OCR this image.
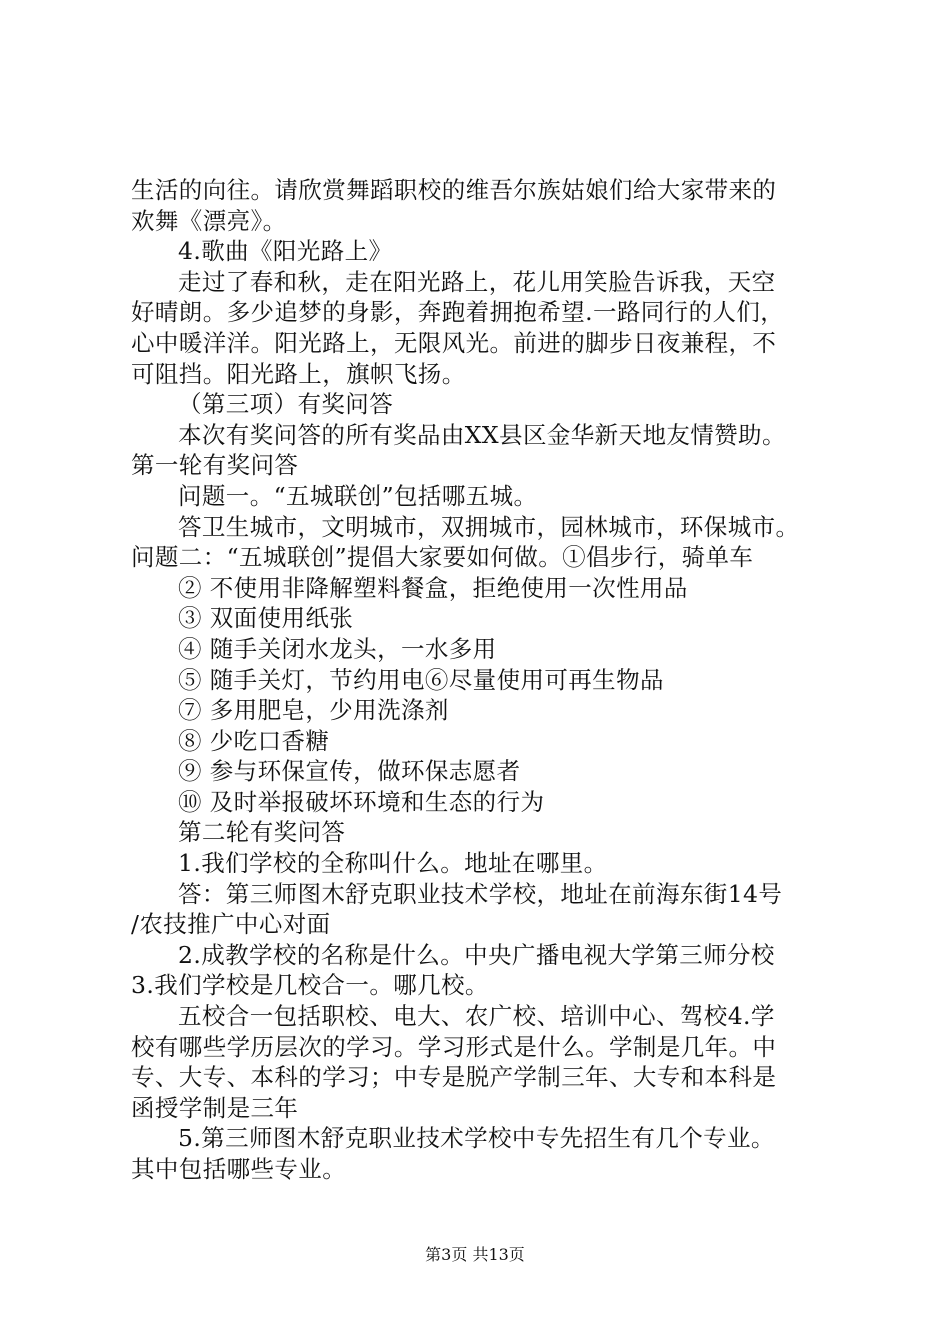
生活的向往。请欣赏舞蹈职校的维吾尔族姑娘们给大家带来的
欢舞《漂亮》。
4.歌曲《阳光路上》
走过了春和秋，走在阳光路上，花儿用笑脸告诉我，天空
好晴朗。多少追梦的身影，奔跑着拥抱希望.一路同行的人们，
心中暖洋洋。阳光路上，无限风光。前进的脚步日夜兼程，不
可阻挡。阳光路上，旗帜飞扬。
（第三项）有奖问答
本次有奖问答的所有奖品由XX县区金华新天地友情赞助。
第一轮有奖问答
问题一。“五城联创”包括哪五城。
答卫生城市，文明城市，双拥城市，园林城市，环保城市。
问题二：“五城联创”提倡大家要如何做。①倡步行，骑单车
② 不使用非降解塑料餐盒，拒绝使用一次性用品
③ 双面使用纸张
④ 随手关闭水龙头，一水多用
⑤ 随手关灯，节约用电⑥尽量使用可再生物品
⑦ 多用肥皂，少用洗涤剂
⑧ 少吃口香糖
⑨ 参与环保宣传，做环保志愿者
⑩ 及时举报破坏环境和生态的行为
第二轮有奖问答
1.我们学校的全称叫什么。地址在哪里。
答：第三师图木舒克职业技术学校，地址在前海东街14号
/农技推广中心对面
2.成教学校的名称是什么。中央广播电视大学第三师分校
3.我们学校是几校合一。哪几校。
五校合一包括职校、电大、农广校、培训中心、驾校4.学
校有哪些学历层次的学习。学习形式是什么。学制是几年。中
专、大专、本科的学习；中专是脱产学制三年、大专和本科是
函授学制是三年
5.第三师图木舒克职业技术学校中专先招生有几个专业。
其中包括哪些专业。
第3页 共13页
